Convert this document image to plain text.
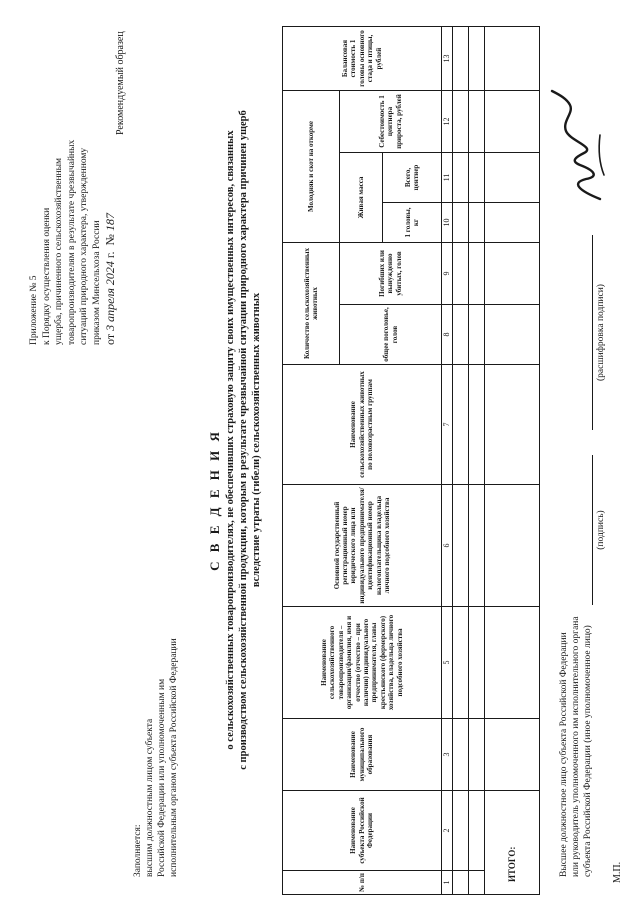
Приложение № 5 к Порядку осуществления оценки ущерба, причиненного сельскохозяйственным товаропроизводителям в результате чрезвычайных ситуаций природного характера, утвержденному приказом Минсельхоза России от 3 апреля 2024 г.  № 187
Рекомендуемый образец
Заполняется: высшим должностным лицом субъекта Российской Федерации или уполномоченным им исполнительным органом субъекта Российской Федерации
С В Е Д Е Н И Я о сельскохозяйственных товаропроизводителях, не обеспечивших страховую защиту своих имущественных интересов, связанных с производством сельскохозяйственной продукции, которым в результате чрезвычайной ситуации природного характера причинен ущерб вследствие утраты (гибели) сельскохозяйственных животных
№ п/п	Наименование субъекта Российской Федерации	Наименование муниципального образования	Наименование сельскохозяйственного товаропроизводителя – организации/фамилия, имя и отчество (отчество – при наличии) индивидуального предпринимателя, главы крестьянского (фермерского) хозяйства, владельца личного подсобного хозяйства	Основной государственный регистрационный номер юридического лица или индивидуального предпринимателя/ идентификационный номер налогоплательщика владельца личного подсобного хозяйства	Наименование сельскохозяйственных животных по половозрастным группам	Количество сельскохозяйственных животных		Молодняк и скот на откорме			Балансовая стоимость 1 головы основного стада и птицы, рублей
						общее поголовье, голов	Погибших или вынужденно убитых, голов	Живая масса		Себестоимость 1 центнера прироста, рублей	
								1 головы, кг	Всего, центнер		
1	2	3	5	6	7	8	9	10	11	12	13

ИТОГО:												Высшее должностное лицо субъекта Российской Федерации или руководитель уполномоченного им исполнительного органа субъекта Российской Федерации (иное уполномоченное лицо)
(подпись)
(расшифровка подписи)
М.П.
